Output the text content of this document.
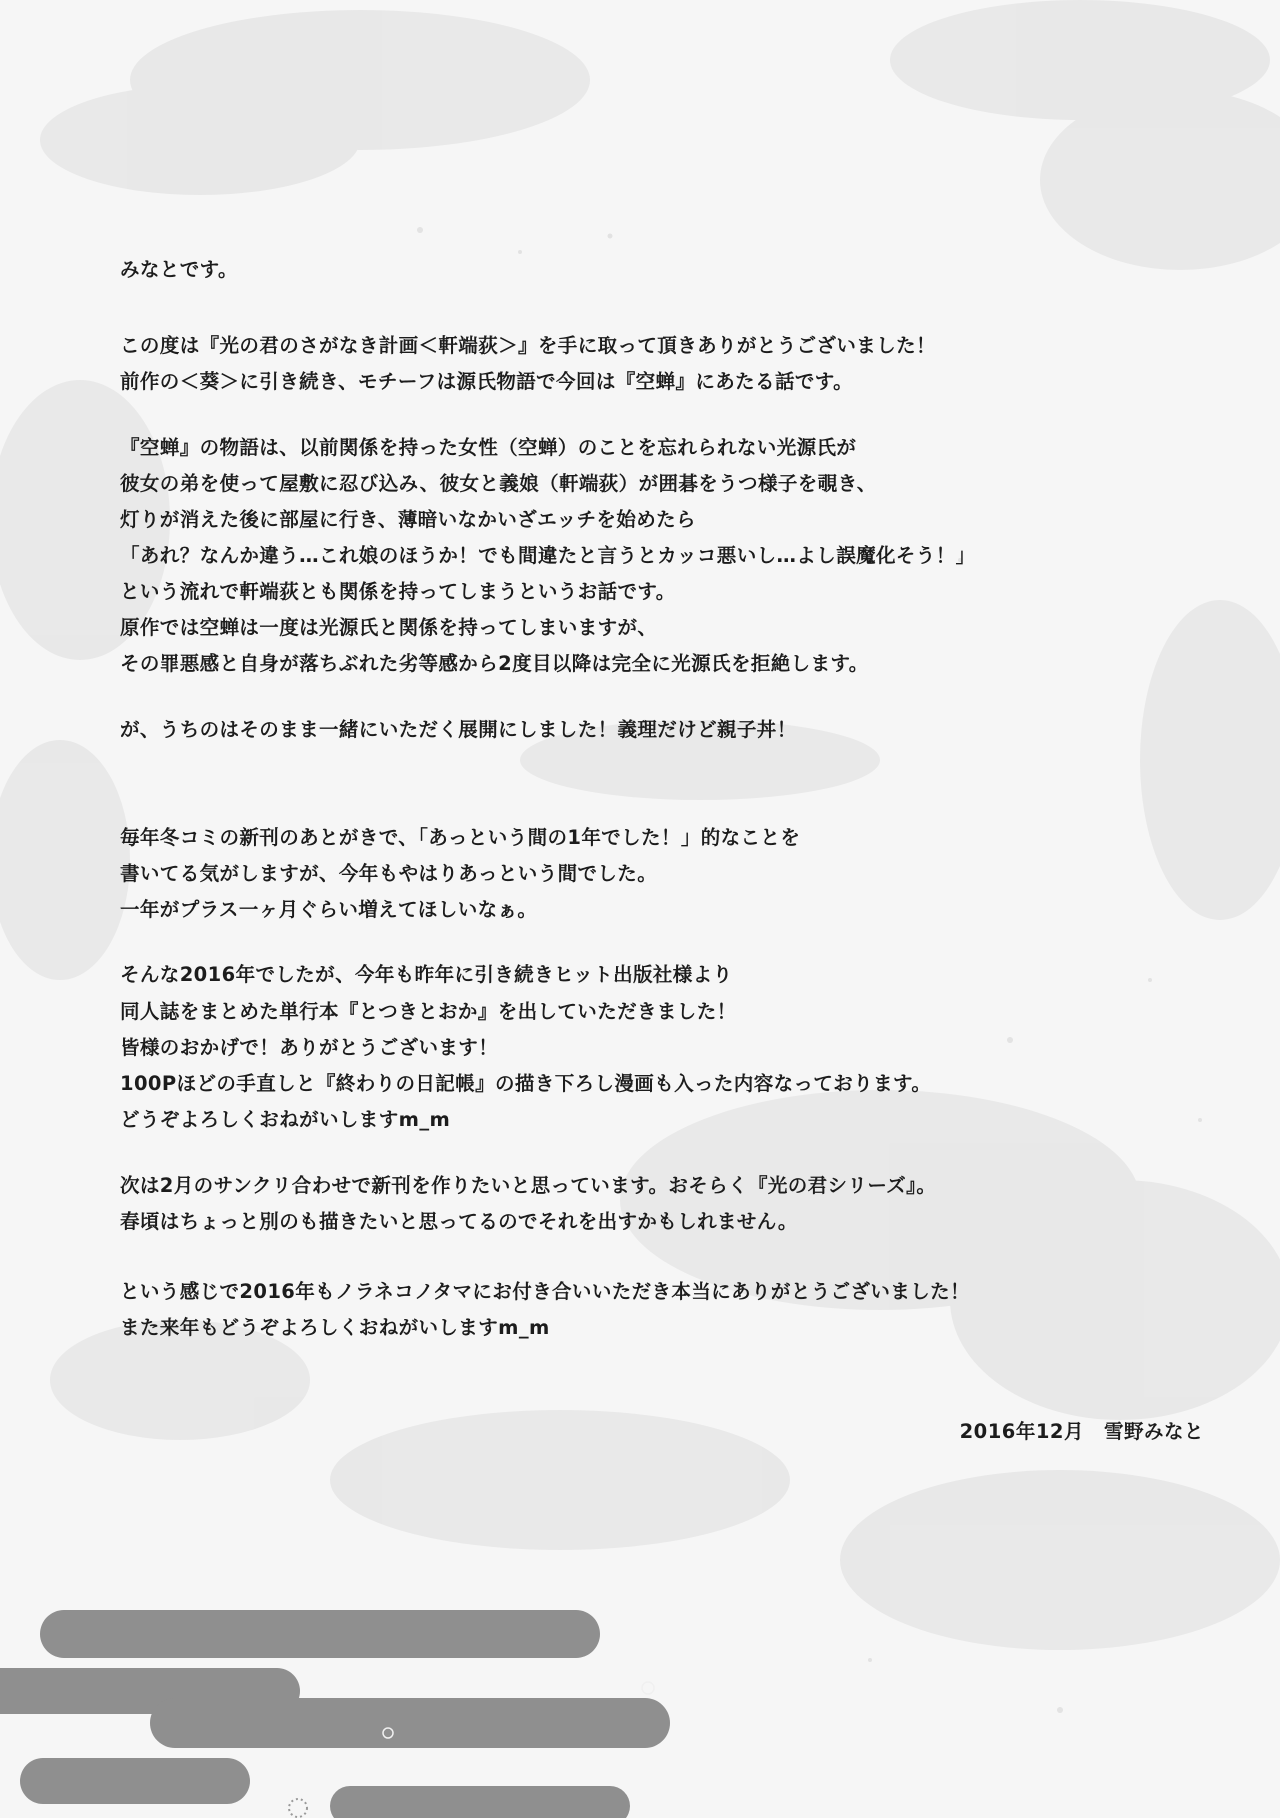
みなとです。
この度は『光の君のさがなき計画＜軒端荻＞』を手に取って頂きありがとうございました！
前作の＜葵＞に引き続き、モチーフは源氏物語で今回は『空蝉』にあたる話です。
『空蝉』の物語は、以前関係を持った女性（空蝉）のことを忘れられない光源氏が
彼女の弟を使って屋敷に忍び込み、彼女と義娘（軒端荻）が囲碁をうつ様子を覗き、
灯りが消えた後に部屋に行き、薄暗いなかいざエッチを始めたら
「あれ？なんか違う…これ娘のほうか！でも間違たと言うとカッコ悪いし…よし誤魔化そう！」
という流れで軒端荻とも関係を持ってしまうというお話です。
原作では空蝉は一度は光源氏と関係を持ってしまいますが、
その罪悪感と自身が落ちぶれた劣等感から2度目以降は完全に光源氏を拒絶します。
が、うちのはそのまま一緒にいただく展開にしました！義理だけど親子丼！
毎年冬コミの新刊のあとがきで、「あっという間の1年でした！」的なことを
書いてる気がしますが、今年もやはりあっという間でした。
一年がプラス一ヶ月ぐらい増えてほしいなぁ。
そんな2016年でしたが、今年も昨年に引き続きヒット出版社様より
同人誌をまとめた単行本『とつきとおか』を出していただきました！
皆様のおかげで！ありがとうございます！
100Pほどの手直しと『終わりの日記帳』の描き下ろし漫画も入った内容なっております。
どうぞよろしくおねがいしますm_m
次は2月のサンクリ合わせで新刊を作りたいと思っています。おそらく『光の君シリーズ』。
春頃はちょっと別のも描きたいと思ってるのでそれを出すかもしれません。
という感じで2016年もノラネコノタマにお付き合いいただき本当にありがとうございました！
また来年もどうぞよろしくおねがいしますm_m
2016年12月　雪野みなと
